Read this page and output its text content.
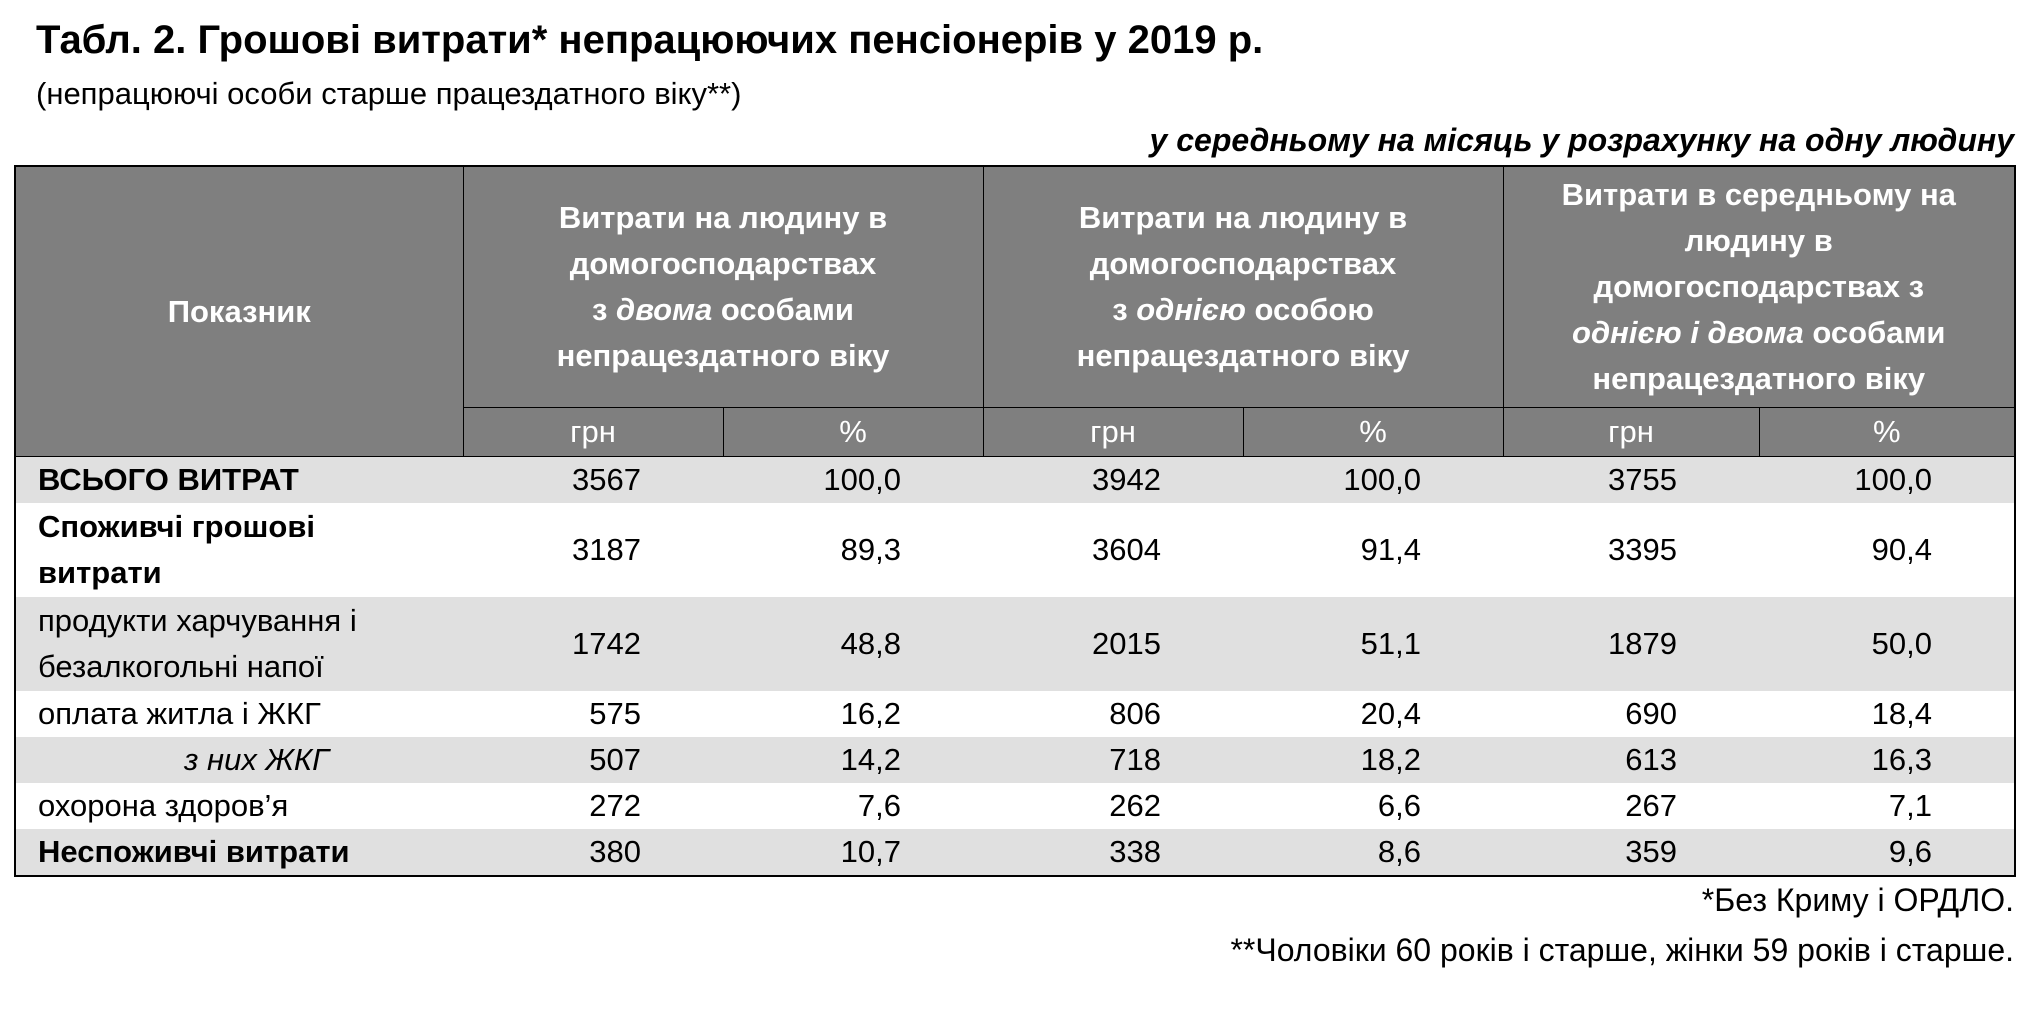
Табл. 2. Грошові витрати* непрацюючих пенсіонерів у 2019 р.
(непрацюючі особи старше працездатного віку**)
у середньому на місяць у розрахунку на одну людину
Показник	Витрати на людину в
домогосподарствах
з двома особами
непрацездатного віку		Витрати на людину в
домогосподарствах
з однією особою
непрацездатного віку		Витрати в середньому на
людину в
домогосподарствах з
однією і двома особами
непрацездатного віку	
	грн	%	грн	%	грн	%
ВСЬОГО ВИТРАТ	3567	100,0	3942	100,0	3755	100,0
Споживчі грошові
витрати	3187	89,3	3604	91,4	3395	90,4
продукти харчування і
безалкогольні напої	1742	48,8	2015	51,1	1879	50,0
оплата житла і ЖКГ	575	16,2	806	20,4	690	18,4
з них ЖКГ	507	14,2	718	18,2	613	16,3
охорона здоров’я	272	7,6	262	6,6	267	7,1
Неспоживчі витрати	380	10,7	338	8,6	359	9,6
*Без Криму і ОРДЛО.
**Чоловіки 60 років і старше, жінки 59 років і старше.
